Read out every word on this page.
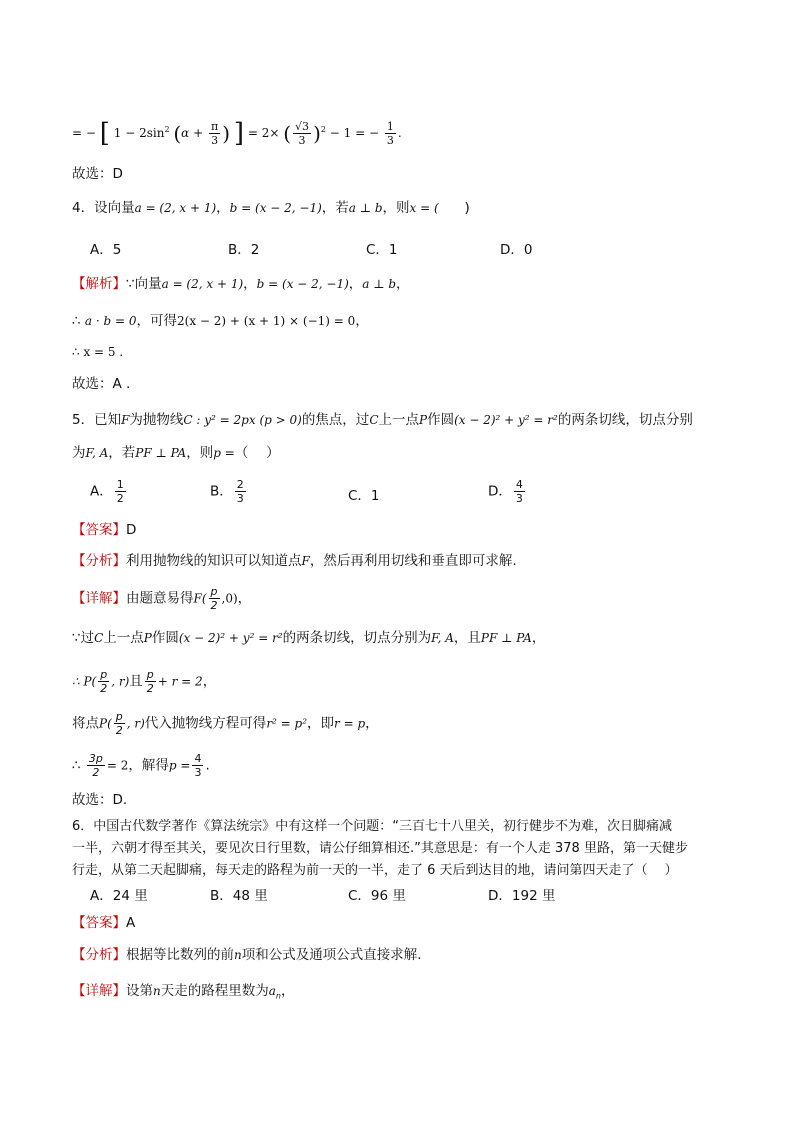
= − [ $1 - 2\sin^2$ ($\alpha + \frac{\pi}{3}$ ) ] = 2× ( $\frac{√3}{3} )^2 - 1$ = − $\frac{1}{3}$ .
故选：D
4．设向量a = (2, x + 1)，b = (x − 2, −1)，若a ⊥ b，则x = ( )
A．5	B．2	C．1	D．0
【解析】∵向量a = (2, x + 1)，b = (x − 2, −1)，a ⊥ b，
∴ a · b = 0，可得2(x − 2) + (x + 1) × (−1) = 0，
∴ x = 5 .
故选：A .
5．已知F为抛物线C : y² = 2px (p > 0)的焦点，过C上一点P作圆(x − 2)² + y² = r²的两条切线，切点分别
为F, A，若PF ⊥ PA，则p =（　 ）
A． $\frac{1}{2}$	B． $\frac{2}{3}$	C．1	D． $\frac{4}{3}$
【答案】D
【分析】利用抛物线的知识可以知道点F，然后再利用切线和垂直即可求解.
【详解】由题意易得$F( \frac{p}{2} ,0)$，
∵过C上一点P作圆(x − 2)² + y² = r²的两条切线，切点分别为F, A，且PF ⊥ PA，
∴ $P( \frac{p}{2}$ , r)且 $\frac{p}{2} + r = 2$，
将点$P( \frac{p}{2}$ , r)代入抛物线方程可得r² = p²，即r = p，
∴ $\frac{3p}{2} = 2$，解得$p = \frac{4}{3}$ .
故选：D.
6．中国古代数学著作《算法统宗》中有这样一个问题：“三百七十八里关，初行健步不为难，次日脚痛减
一半，六朝才得至其关，要见次日行里数，请公仔细算相还.”其意思是：有一个人走 378 里路，第一天健步
行走，从第二天起脚痛，每天走的路程为前一天的一半，走了 6 天后到达目的地，请问第四天走了（　 ）
A．24 里	B．48 里	C．96 里	D．192 里
【答案】A
【分析】根据等比数列的前n项和公式及通项公式直接求解.
【详解】设第n天走的路程里数为$a_n$，
